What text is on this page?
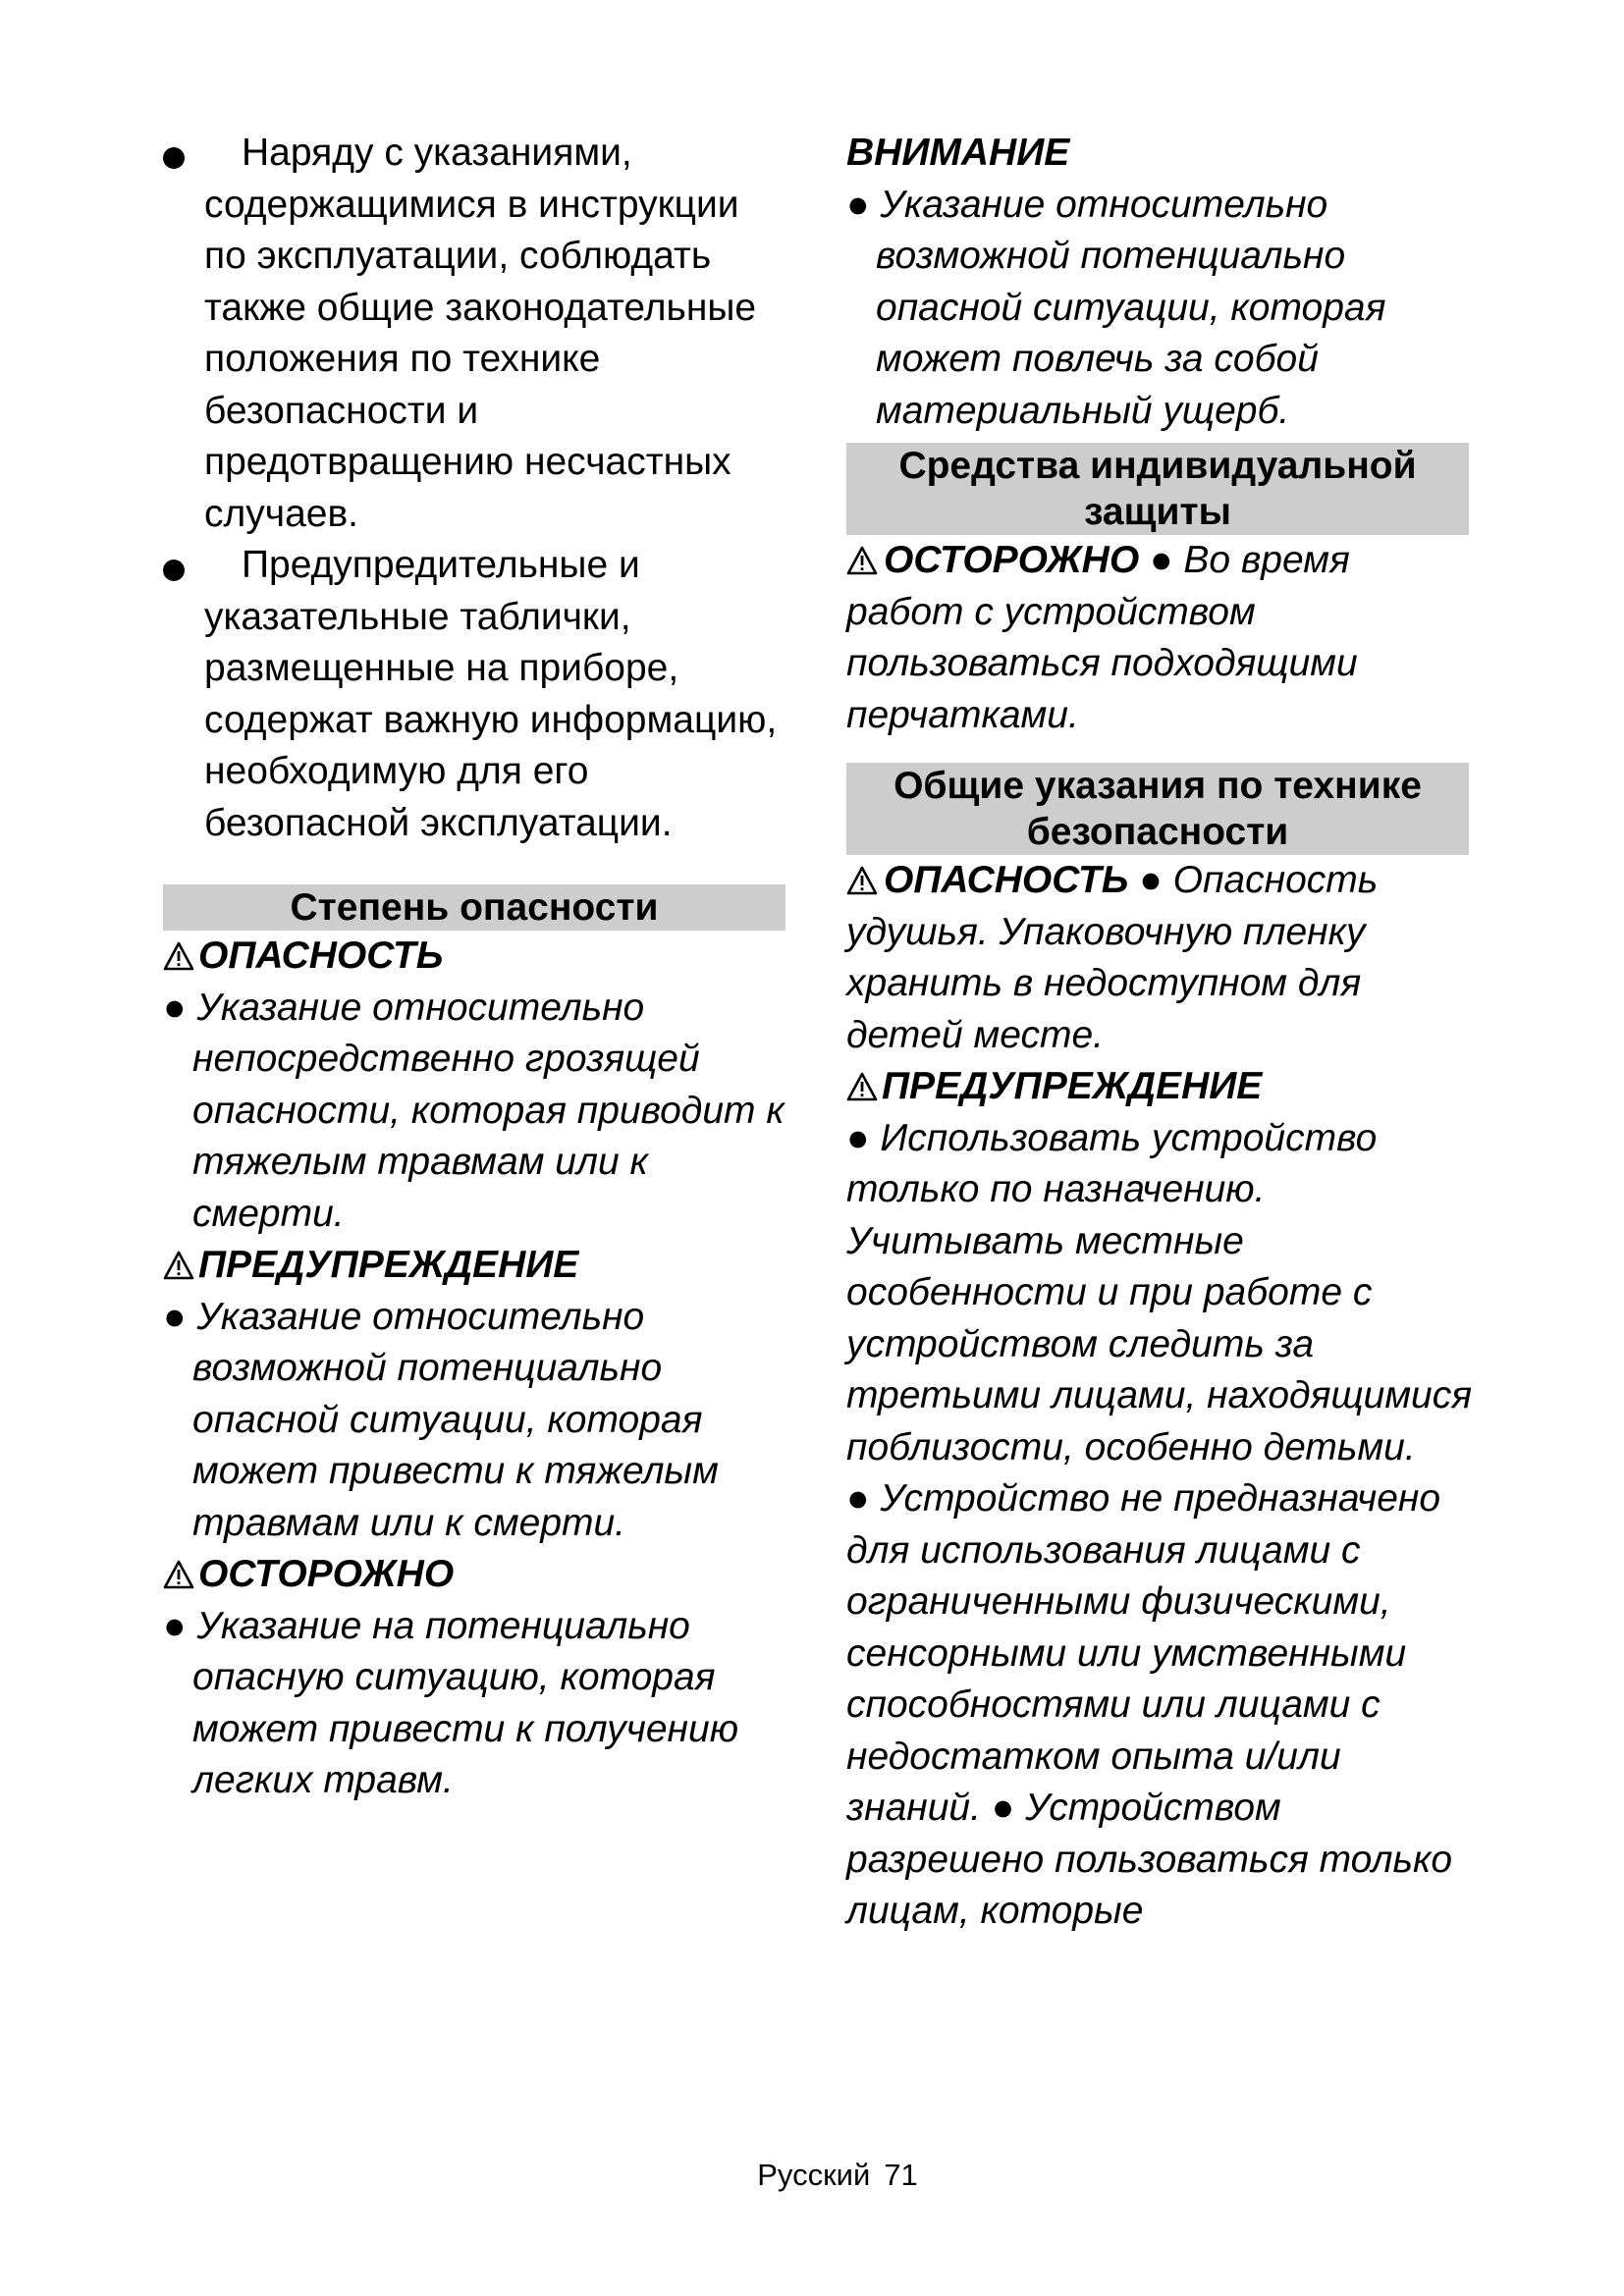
Наряду с указаниями, содержащимися в инструкции по эксплуатации, соблюдать также общие законодательные положения по технике безопасности и предотвращению несчастных случаев.
Предупредительные и указательные таблички, размещенные на приборе, содержат важную информацию, необходимую для его безопасной эксплуатации.
Степень опасности
ОПАСНОСТЬ
● Указание относительно непосредственно грозящей опасности, которая приводит к тяжелым травмам или к смерти.
ПРЕДУПРЕЖДЕНИЕ
● Указание относительно возможной потенциально опасной ситуации, которая может привести к тяжелым травмам или к смерти.
ОСТОРОЖНО
● Указание на потенциально опасную ситуацию, которая может привести к получению легких травм.
ВНИМАНИЕ
● Указание относительно возможной потенциально опасной ситуации, которая может повлечь за собой материальный ущерб.
Средства индивидуальной защиты
ОСТОРОЖНО ● Во время работ с устройством пользоваться подходящими перчатками.
Общие указания по технике безопасности
ОПАСНОСТЬ ● Опасность удушья. Упаковочную пленку хранить в недоступном для детей месте.
ПРЕДУПРЕЖДЕНИЕ
● Использовать устройство только по назначению. Учитывать местные особенности и при работе с устройством следить за третьими лицами, находящимися поблизости, особенно детьми.
● Устройство не предназначено для использования лицами с ограниченными физическими, сенсорными или умственными способностями или лицами с недостатком опыта и/или знаний. ● Устройством разрешено пользоваться только лицам, которые
Русский 71
